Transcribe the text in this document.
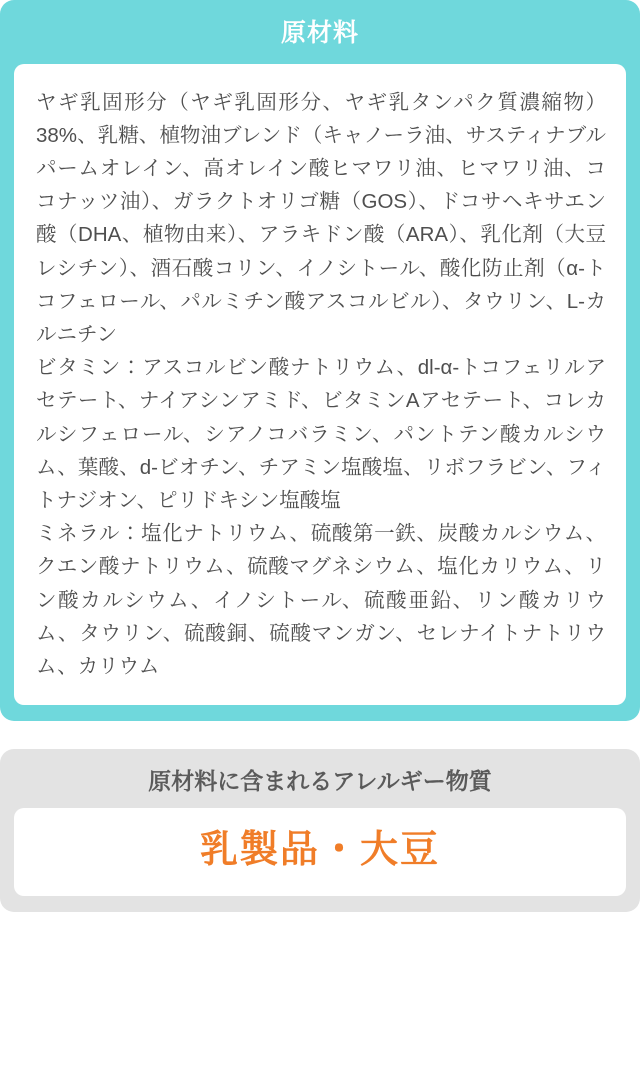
原材料

ヤギ乳固形分（ヤギ乳固形分、ヤギ乳タンパク質濃縮物）38%、乳糖、植物油ブレンド（キャノーラ油、サスティナブルパームオレイン、高オレイン酸ヒマワリ油、ヒマワリ油、ココナッツ油）、ガラクトオリゴ糖（GOS）、ドコサヘキサエン酸（DHA、植物由来）、アラキドン酸（ARA）、乳化剤（大豆レシチン）、酒石酸コリン、イノシトール、酸化防止剤（α-トコフェロール、パルミチン酸アスコルビル）、タウリン、L-カルニチン

ビタミン：アスコルビン酸ナトリウム、dl-α-トコフェリルアセテート、ナイアシンアミド、ビタミンAアセテート、コレカルシフェロール、シアノコバラミン、パントテン酸カルシウム、葉酸、d-ビオチン、チアミン塩酸塩、リボフラビン、フィトナジオン、ピリドキシン塩酸塩

ミネラル：塩化ナトリウム、硫酸第一鉄、炭酸カルシウム、クエン酸ナトリウム、硫酸マグネシウム、塩化カリウム、リン酸カルシウム、イノシトール、硫酸亜鉛、リン酸カリウム、タウリン、硫酸銅、硫酸マンガン、セレナイトナトリウム、カリウム

原材料に含まれるアレルギー物質
乳製品・大豆
